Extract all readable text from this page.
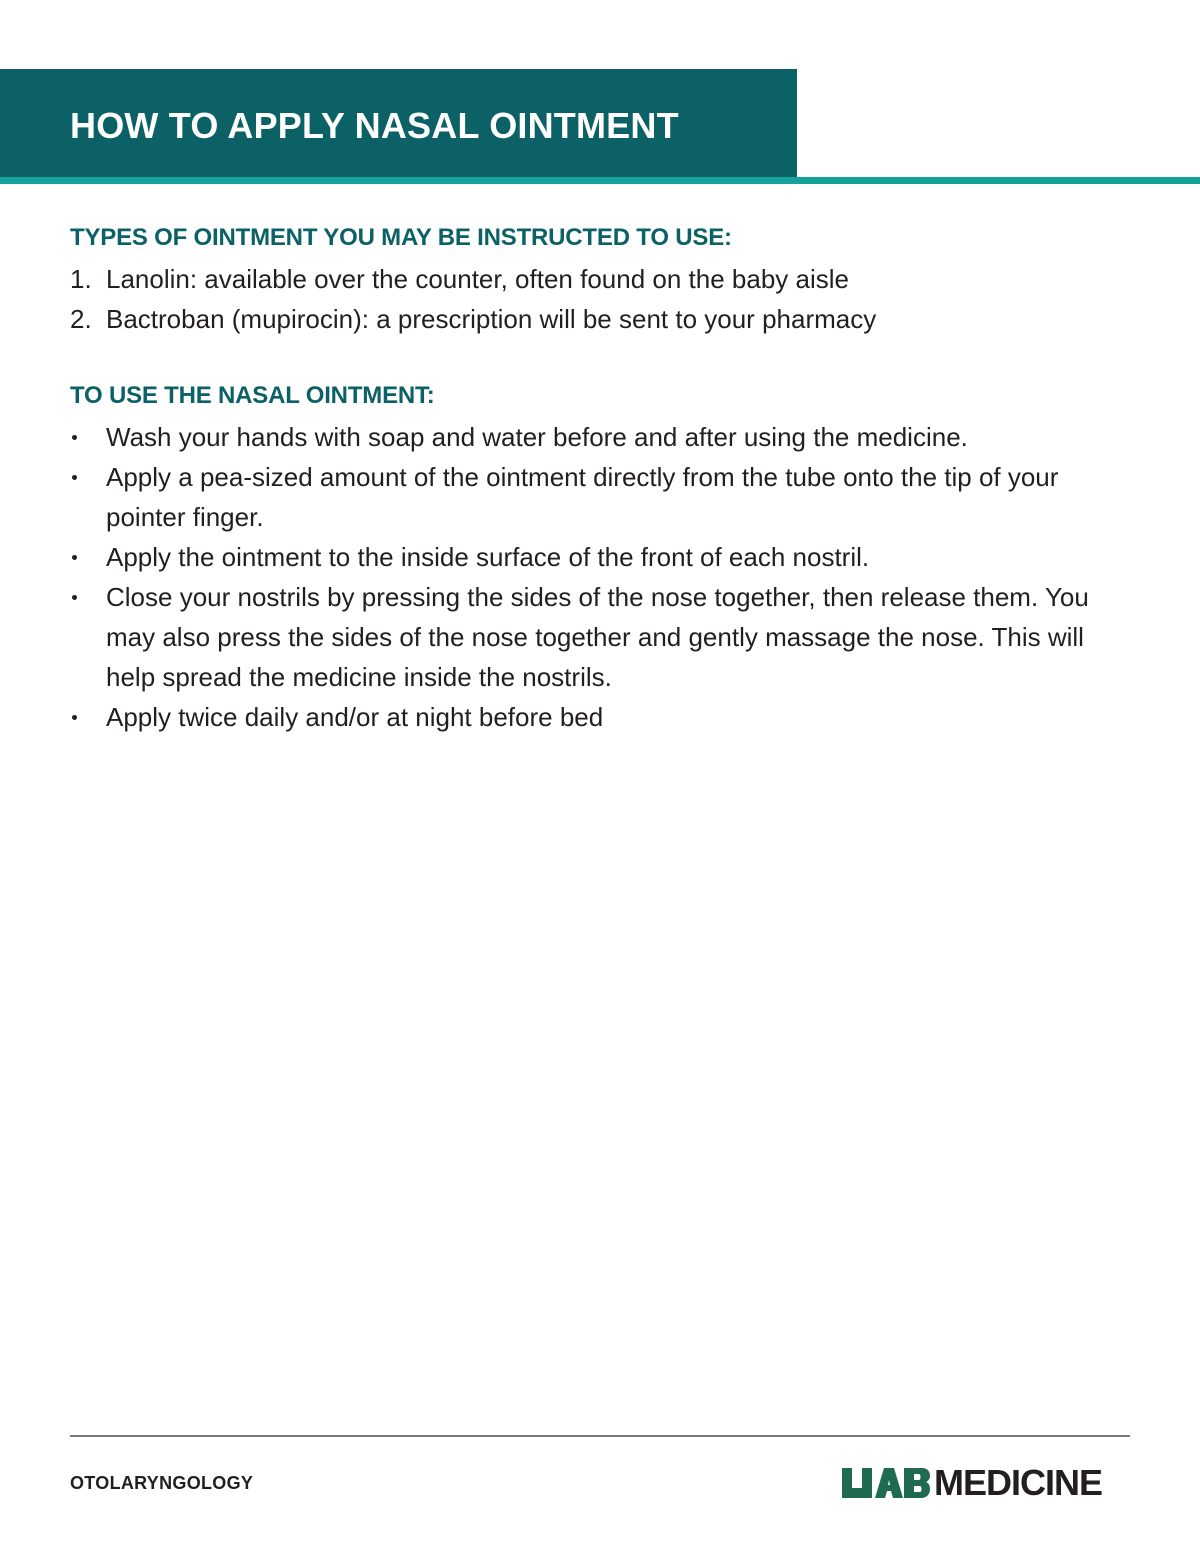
HOW TO APPLY NASAL OINTMENT
TYPES OF OINTMENT YOU MAY BE INSTRUCTED TO USE:
1. Lanolin: available over the counter, often found on the baby aisle
2. Bactroban (mupirocin): a prescription will be sent to your pharmacy
TO USE THE NASAL OINTMENT:
Wash your hands with soap and water before and after using the medicine.
Apply a pea-sized amount of the ointment directly from the tube onto the tip of your pointer finger.
Apply the ointment to the inside surface of the front of each nostril.
Close your nostrils by pressing the sides of the nose together, then release them. You may also press the sides of the nose together and gently massage the nose. This will help spread the medicine inside the nostrils.
Apply twice daily and/or at night before bed

OTOLARYNGOLOGY	MEDICINE
